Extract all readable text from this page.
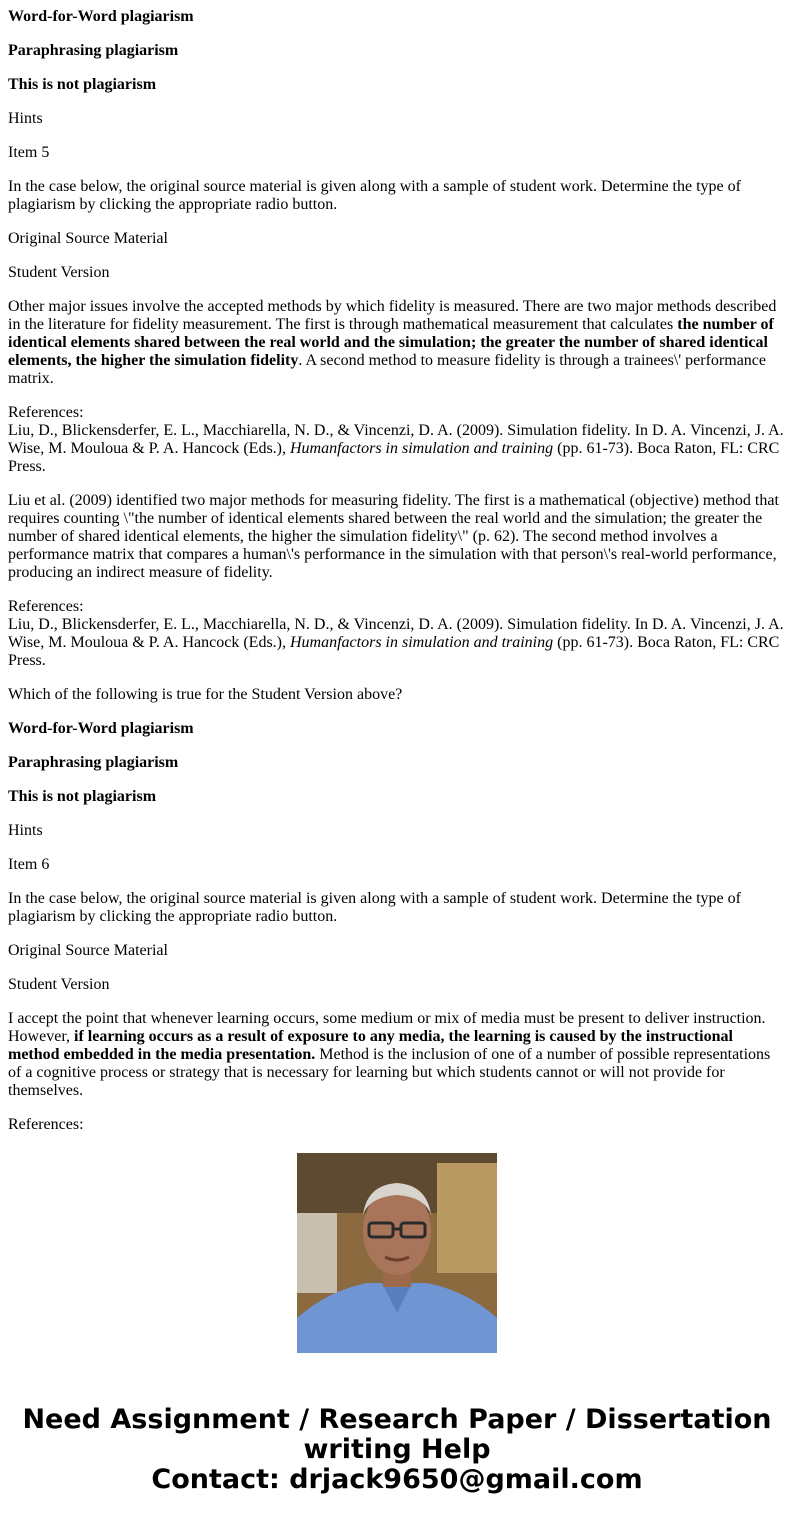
Word-for-Word plagiarism

Paraphrasing plagiarism

This is not plagiarism

Hints

Item 5

In the case below, the original source material is given along with a sample of student work. Determine the type of plagiarism by clicking the appropriate radio button.

Original Source Material

Student Version

Other major issues involve the accepted methods by which fidelity is measured. There are two major methods described in the literature for fidelity measurement. The first is through mathematical measurement that calculates the number of identical elements shared between the real world and the simulation; the greater the number of shared identical elements, the higher the simulation fidelity. A second method to measure fidelity is through a trainees\' performance matrix.

References:
Liu, D., Blickensderfer, E. L., Macchiarella, N. D., & Vincenzi, D. A. (2009). Simulation fidelity. In D. A. Vincenzi, J. A. Wise, M. Mouloua & P. A. Hancock (Eds.), Humanfactors in simulation and training (pp. 61-73). Boca Raton, FL: CRC Press.

Liu et al. (2009) identified two major methods for measuring fidelity. The first is a mathematical (objective) method that requires counting \"the number of identical elements shared between the real world and the simulation; the greater the number of shared identical elements, the higher the simulation fidelity\" (p. 62). The second method involves a performance matrix that compares a human\'s performance in the simulation with that person\'s real-world performance, producing an indirect measure of fidelity.

References:
Liu, D., Blickensderfer, E. L., Macchiarella, N. D., & Vincenzi, D. A. (2009). Simulation fidelity. In D. A. Vincenzi, J. A. Wise, M. Mouloua & P. A. Hancock (Eds.), Humanfactors in simulation and training (pp. 61-73). Boca Raton, FL: CRC Press.

Which of the following is true for the Student Version above?

Word-for-Word plagiarism

Paraphrasing plagiarism

This is not plagiarism

Hints

Item 6

In the case below, the original source material is given along with a sample of student work. Determine the type of plagiarism by clicking the appropriate radio button.

Original Source Material

Student Version

I accept the point that whenever learning occurs, some medium or mix of media must be present to deliver instruction. However, if learning occurs as a result of exposure to any media, the learning is caused by the instructional method embedded in the media presentation. Method is the inclusion of one of a number of possible representations of a cognitive process or strategy that is necessary for learning but which students cannot or will not provide for themselves.

References:

Need Assignment / Research Paper / Dissertation
writing Help
Contact: drjack9650@gmail.com
